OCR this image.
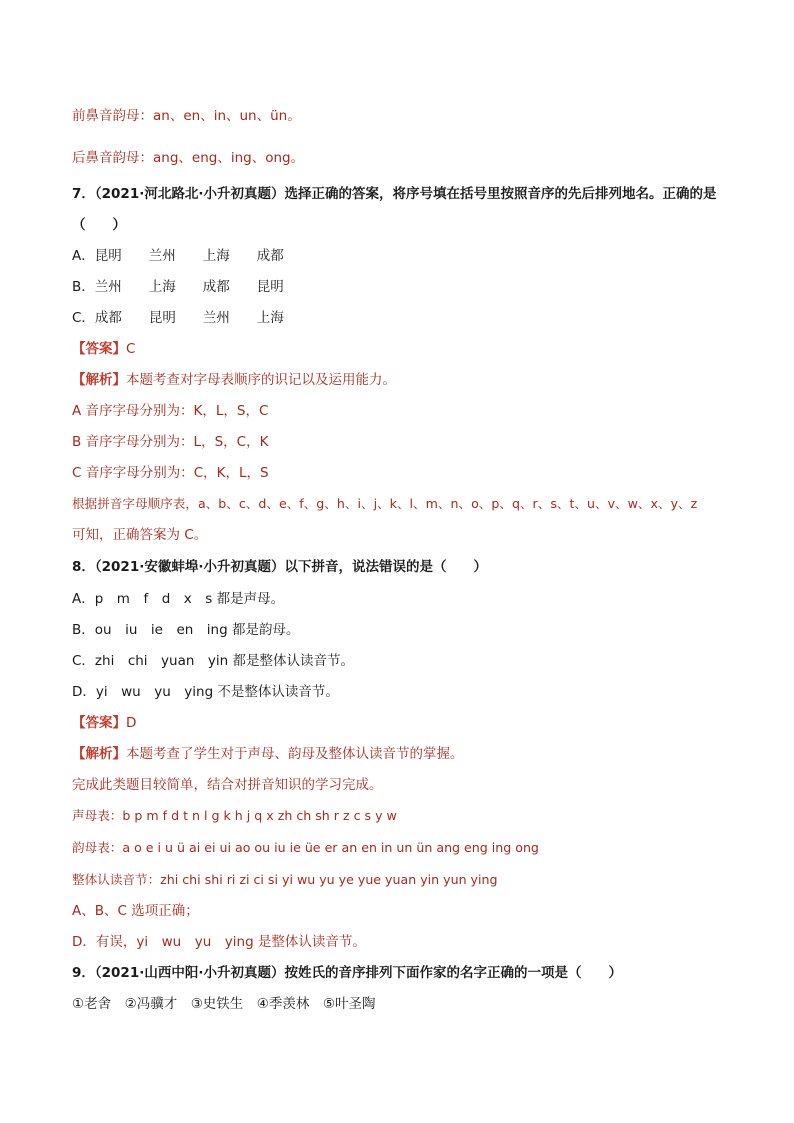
前鼻音韵母：an、en、in、un、ün。
后鼻音韵母：ang、eng、ing、ong。
7．（2021·河北路北·小升初真题）选择正确的答案，将序号填在括号里按照音序的先后排列地名。正确的是
（　　）
A．昆明　　兰州　　上海　　成都
B．兰州　　上海　　成都　　昆明
C．成都　　昆明　　兰州　　上海
【答案】C
【解析】本题考查对字母表顺序的识记以及运用能力。
A 音序字母分别为：K，L，S，C
B 音序字母分别为：L，S，C，K
C 音序字母分别为：C，K，L，S
根据拼音字母顺序表，a、b、c、d、e、f、g、h、i、j、k、l、m、n、o、p、q、r、s、t、u、v、w、x、y、z
可知，正确答案为 C。
8．（2021·安徽蚌埠·小升初真题）以下拼音，说法错误的是（　　）
A．p　m　f　d　x　s 都是声母。
B．ou　iu　ie　en　ing 都是韵母。
C．zhi　chi　yuan　yin 都是整体认读音节。
D．yi　wu　yu　ying 不是整体认读音节。
【答案】D
【解析】本题考查了学生对于声母、韵母及整体认读音节的掌握。
完成此类题目较简单，结合对拼音知识的学习完成。
声母表：b p m f d t n l g k h j q x zh ch sh r z c s y w
韵母表：a o e i u ü ai ei ui ao ou iu ie üe er an en in un ün ang eng ing ong
整体认读音节：zhi chi shi ri zi ci si yi wu yu ye yue yuan yin yun ying
A、B、C 选项正确；
D．有误，yi　wu　yu　ying 是整体认读音节。
9．（2021·山西中阳·小升初真题）按姓氏的音序排列下面作家的名字正确的一项是（　　）
①老舍　②冯骥才　③史铁生　④季羡林　⑤叶圣陶
